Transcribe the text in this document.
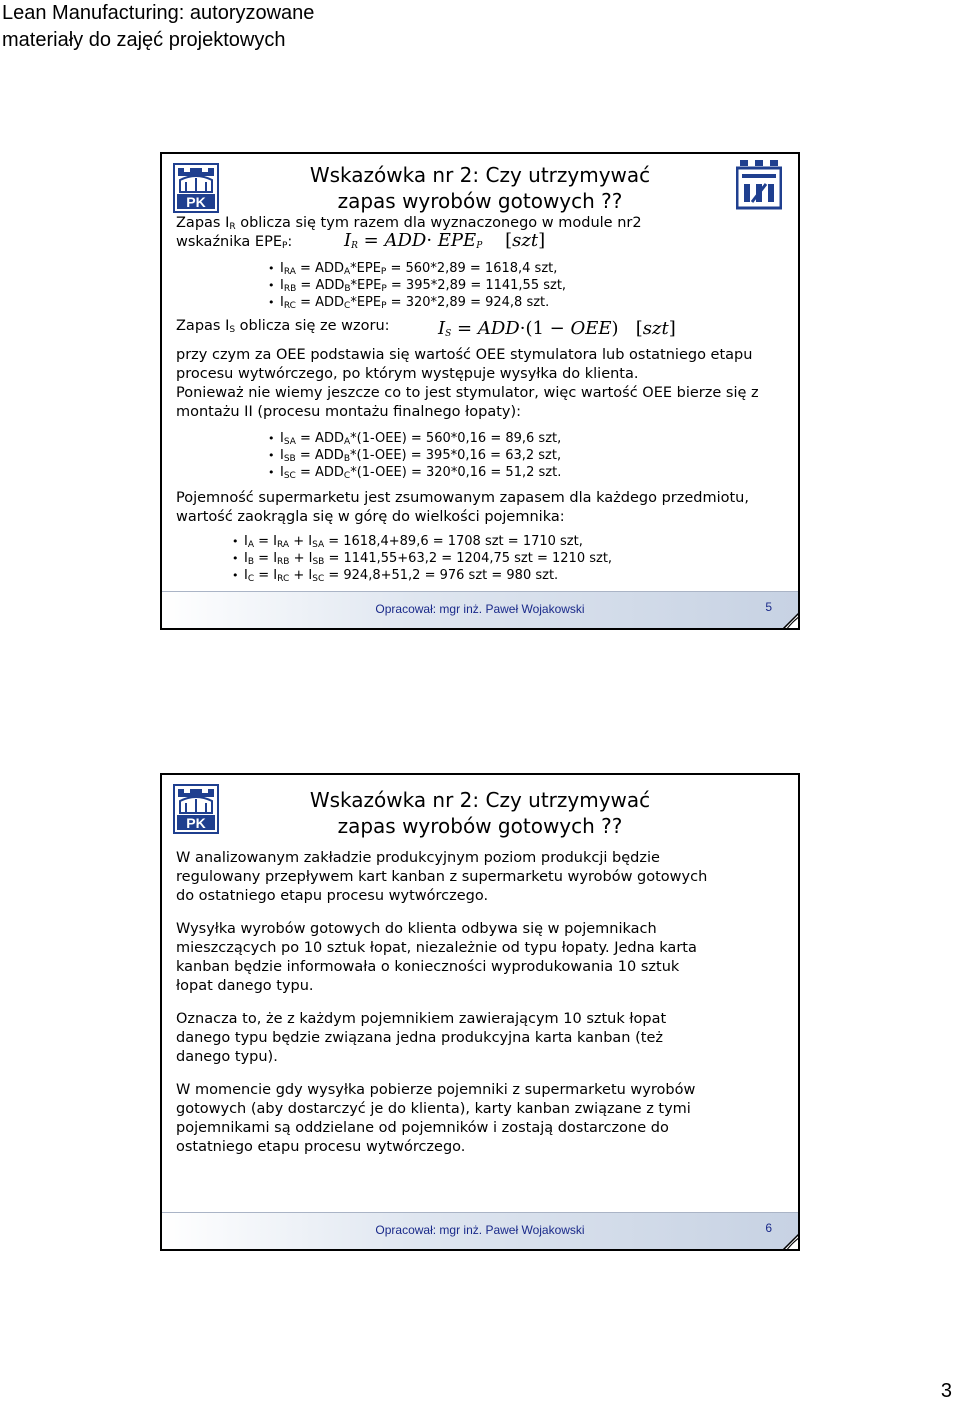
Lean Manufacturing: autoryzowane
materiały do zajęć projektowych
PK
Wskazówka nr 2: Czy utrzymywać
zapas wyrobów gotowych ??

Zapas $I_R$ oblicza się tym razem dla wyznaczonego w module nr2

wskaźnika $EPE_P$:	$I_R = ADD\cdot EPE_P$ [szt]

• $I_{RA} = ADD_A*EPE_P = 560*2,89 = 1618,4$ szt,
• $I_{RB} = ADD_B*EPE_P = 395*2,89 = 1141,55$ szt,
• $I_{RC} = ADD_C*EPE_P = 320*2,89 = 924,8$ szt.

Zapas $I_S$ oblicza się ze wzoru:	$I_S = ADD\cdot(1 - OEE)$ [szt]

przy czym za OEE podstawia się wartość OEE stymulatora lub ostatniego etapu procesu wytwórczego, po którym występuje wysyłka do klienta.

Ponieważ nie wiemy jeszcze co to jest stymulator, więc wartość OEE bierze się z montażu II (procesu montażu finalnego łopaty):

• $I_{SA} = ADD_A*(1-OEE) = 560*0,16 = 89,6$ szt,
• $I_{SB} = ADD_B*(1-OEE) = 395*0,16 = 63,2$ szt,
• $I_{SC} = ADD_C*(1-OEE) = 320*0,16 = 51,2$ szt.

Pojemność supermarketu jest zsumowanym zapasem dla każdego przedmiotu, wartość zaokrągla się w górę do wielkości pojemnika:

• $I_A = I_{RA} + I_{SA} = 1618,4+89,6 = 1708$ szt = 1710 szt,
• $I_B = I_{RB} + I_{SB} = 1141,55+63,2 = 1204,75$ szt = 1210 szt,
• $I_C = I_{RC} + I_{SC} = 924,8+51,2 = 976$ szt = 980 szt.
Opracował: mgr inż. Paweł Wojakowski	5
PK
Wskazówka nr 2: Czy utrzymywać
zapas wyrobów gotowych ??

W analizowanym zakładzie produkcyjnym poziom produkcji będzie regulowany przepływem kart kanban z supermarketu wyrobów gotowych do ostatniego etapu procesu wytwórczego.

Wysyłka wyrobów gotowych do klienta odbywa się w pojemnikach mieszczących po 10 sztuk łopat, niezależnie od typu łopaty. Jedna karta kanban będzie informowała o konieczności wyprodukowania 10 sztuk łopat danego typu.

Oznacza to, że z każdym pojemnikiem zawierającym 10 sztuk łopat danego typu będzie związana jedna produkcyjna karta kanban (też danego typu).

W momencie gdy wysyłka pobierze pojemniki z supermarketu wyrobów gotowych (aby dostarczyć je do klienta), karty kanban związane z tymi pojemnikami są oddzielane od pojemników i zostają dostarczone do ostatniego etapu procesu wytwórczego.

Opracował: mgr inż. Paweł Wojakowski	6
3
